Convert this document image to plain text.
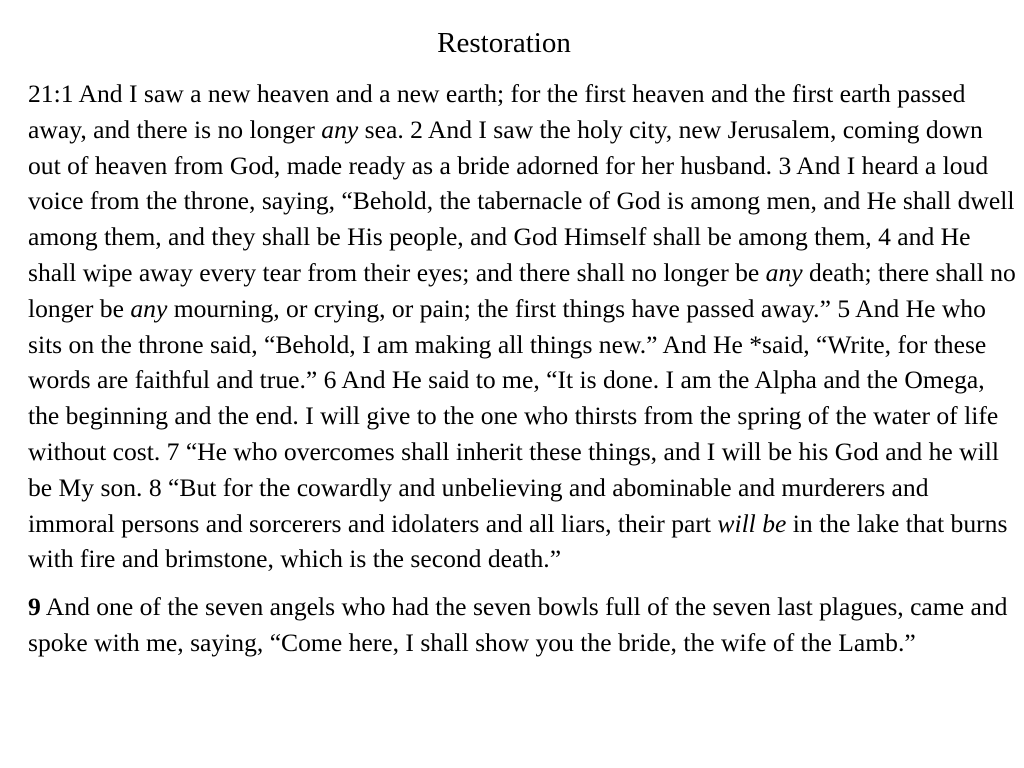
Restoration

21:1 And I saw a new heaven and a new earth; for the first heaven and the first earth passed away, and there is no longer any sea. 2 And I saw the holy city, new Jerusalem, coming down out of heaven from God, made ready as a bride adorned for her husband. 3 And I heard a loud voice from the throne, saying, “Behold, the tabernacle of God is among men, and He shall dwell among them, and they shall be His people, and God Himself shall be among them, 4 and He shall wipe away every tear from their eyes; and there shall no longer be any death; there shall no longer be any mourning, or crying, or pain; the first things have passed away.” 5 And He who sits on the throne said, “Behold, I am making all things new.” And He *said, “Write, for these words are faithful and true.” 6 And He said to me, “It is done. I am the Alpha and the Omega, the beginning and the end. I will give to the one who thirsts from the spring of the water of life without cost. 7 “He who overcomes shall inherit these things, and I will be his God and he will be My son. 8 “But for the cowardly and unbelieving and abominable and murderers and immoral persons and sorcerers and idolaters and all liars, their part will be in the lake that burns with fire and brimstone, which is the second death.”

9 And one of the seven angels who had the seven bowls full of the seven last plagues, came and spoke with me, saying, “Come here, I shall show you the bride, the wife of the Lamb.”
